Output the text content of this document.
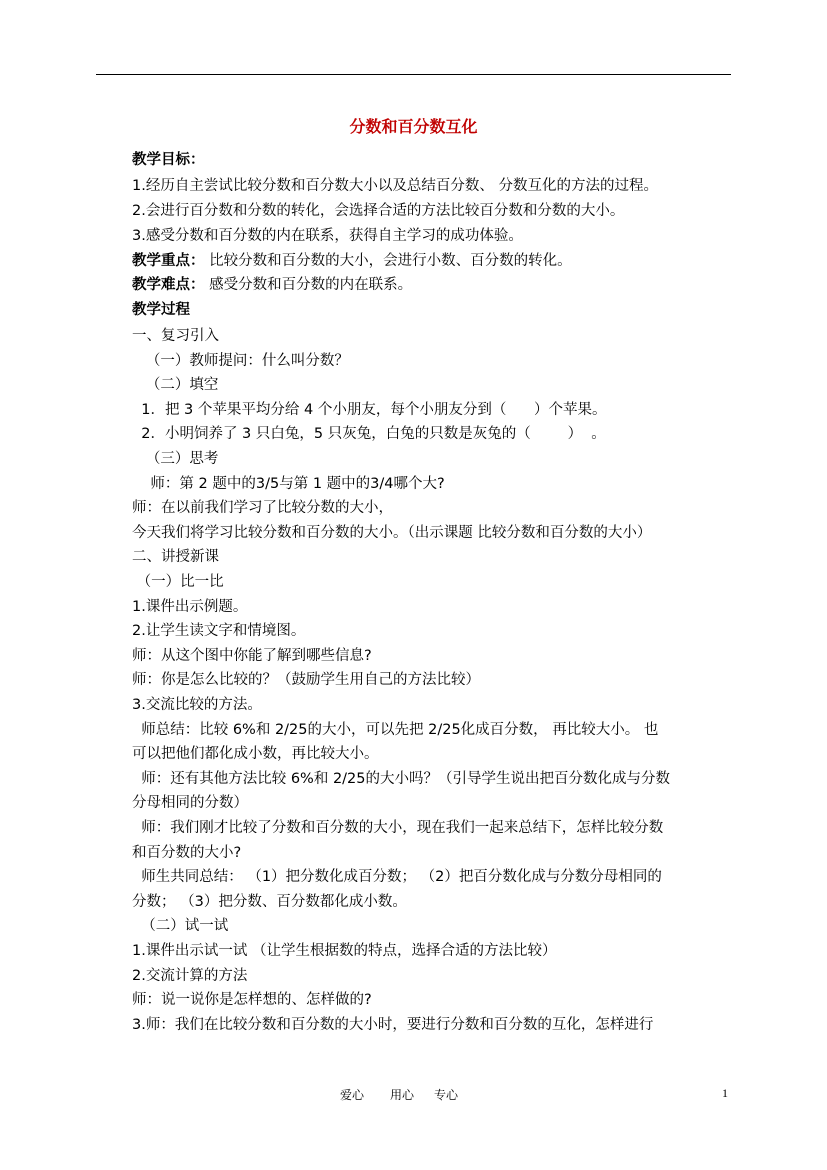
分数和百分数互化
教学目标：
1.经历自主尝试比较分数和百分数大小以及总结百分数、 分数互化的方法的过程。
2.会进行百分数和分数的转化，会选择合适的方法比较百分数和分数的大小。
3.感受分数和百分数的内在联系，获得自主学习的成功体验。
教学重点： 比较分数和百分数的大小，会进行小数、百分数的转化。
教学难点： 感受分数和百分数的内在联系。
教学过程
一、复习引入
（一）教师提问：什么叫分数？
（二）填空
1．把 3 个苹果平均分给 4 个小朋友，每个小朋友分到（      ）个苹果。
2．小明饲养了 3 只白兔，5 只灰兔，白兔的只数是灰兔的（        ）  。
（三）思考
师：第 2 题中的3/5与第 1 题中的3/4哪个大?
师：在以前我们学习了比较分数的大小，
今天我们将学习比较分数和百分数的大小。（出示课题 比较分数和百分数的大小）
二、讲授新课
（一）比一比
1.课件出示例题。
2.让学生读文字和情境图。
师：从这个图中你能了解到哪些信息?
师：你是怎么比较的？（鼓励学生用自己的方法比较）
3.交流比较的方法。
师总结：比较 6%和 2/25的大小，可以先把 2/25化成百分数， 再比较大小。 也
可以把他们都化成小数，再比较大小。
师：还有其他方法比较 6%和 2/25的大小吗？（引导学生说出把百分数化成与分数
分母相同的分数）
师：我们刚才比较了分数和百分数的大小，现在我们一起来总结下，怎样比较分数
和百分数的大小?
师生共同总结： （1）把分数化成百分数； （2）把百分数化成与分数分母相同的
分数； （3）把分数、百分数都化成小数。
（二）试一试
1.课件出示试一试 （让学生根据数的特点，选择合适的方法比较）
2.交流计算的方法
师：说一说你是怎样想的、怎样做的?
3.师：我们在比较分数和百分数的大小时，要进行分数和百分数的互化，怎样进行
爱心 用心 专心	1
